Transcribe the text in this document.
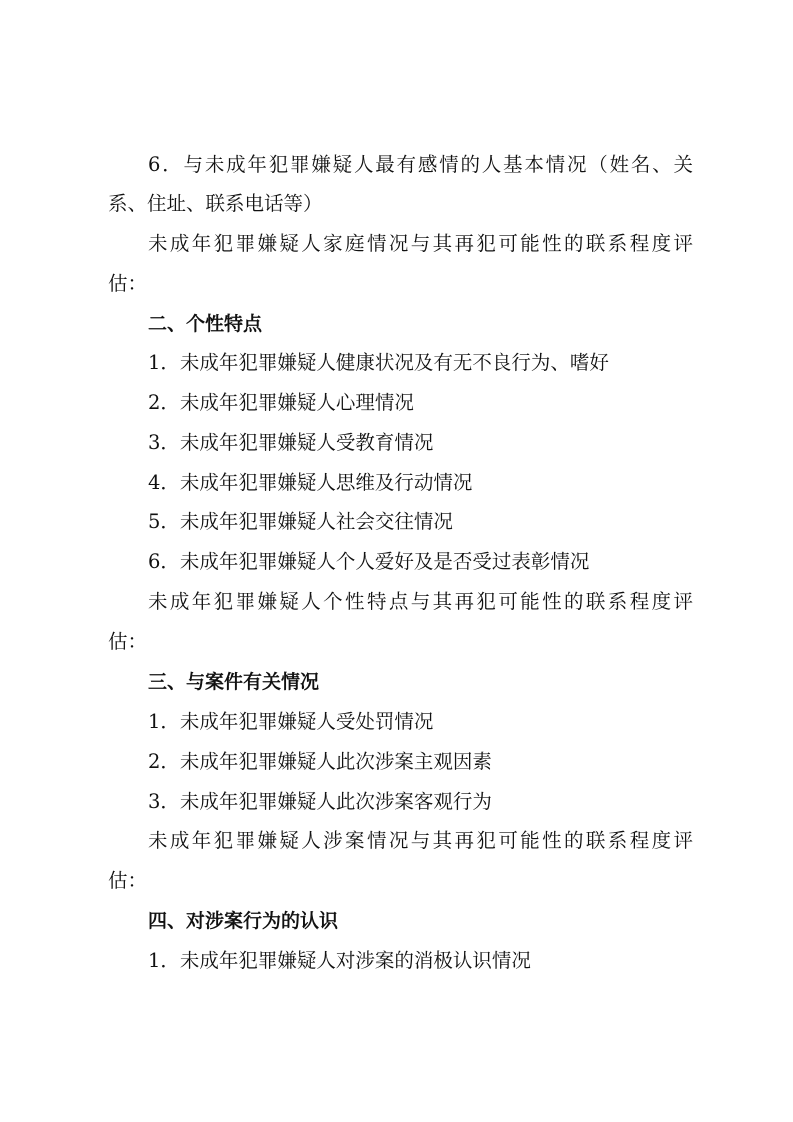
6．与未成年犯罪嫌疑人最有感情的人基本情况（姓名、关
系、住址、联系电话等）
未成年犯罪嫌疑人家庭情况与其再犯可能性的联系程度评
估：
二、个性特点
1．未成年犯罪嫌疑人健康状况及有无不良行为、嗜好
2．未成年犯罪嫌疑人心理情况
3．未成年犯罪嫌疑人受教育情况
4．未成年犯罪嫌疑人思维及行动情况
5．未成年犯罪嫌疑人社会交往情况
6．未成年犯罪嫌疑人个人爱好及是否受过表彰情况
未成年犯罪嫌疑人个性特点与其再犯可能性的联系程度评
估：
三、与案件有关情况
1．未成年犯罪嫌疑人受处罚情况
2．未成年犯罪嫌疑人此次涉案主观因素
3．未成年犯罪嫌疑人此次涉案客观行为
未成年犯罪嫌疑人涉案情况与其再犯可能性的联系程度评
估：
四、对涉案行为的认识
1．未成年犯罪嫌疑人对涉案的消极认识情况
